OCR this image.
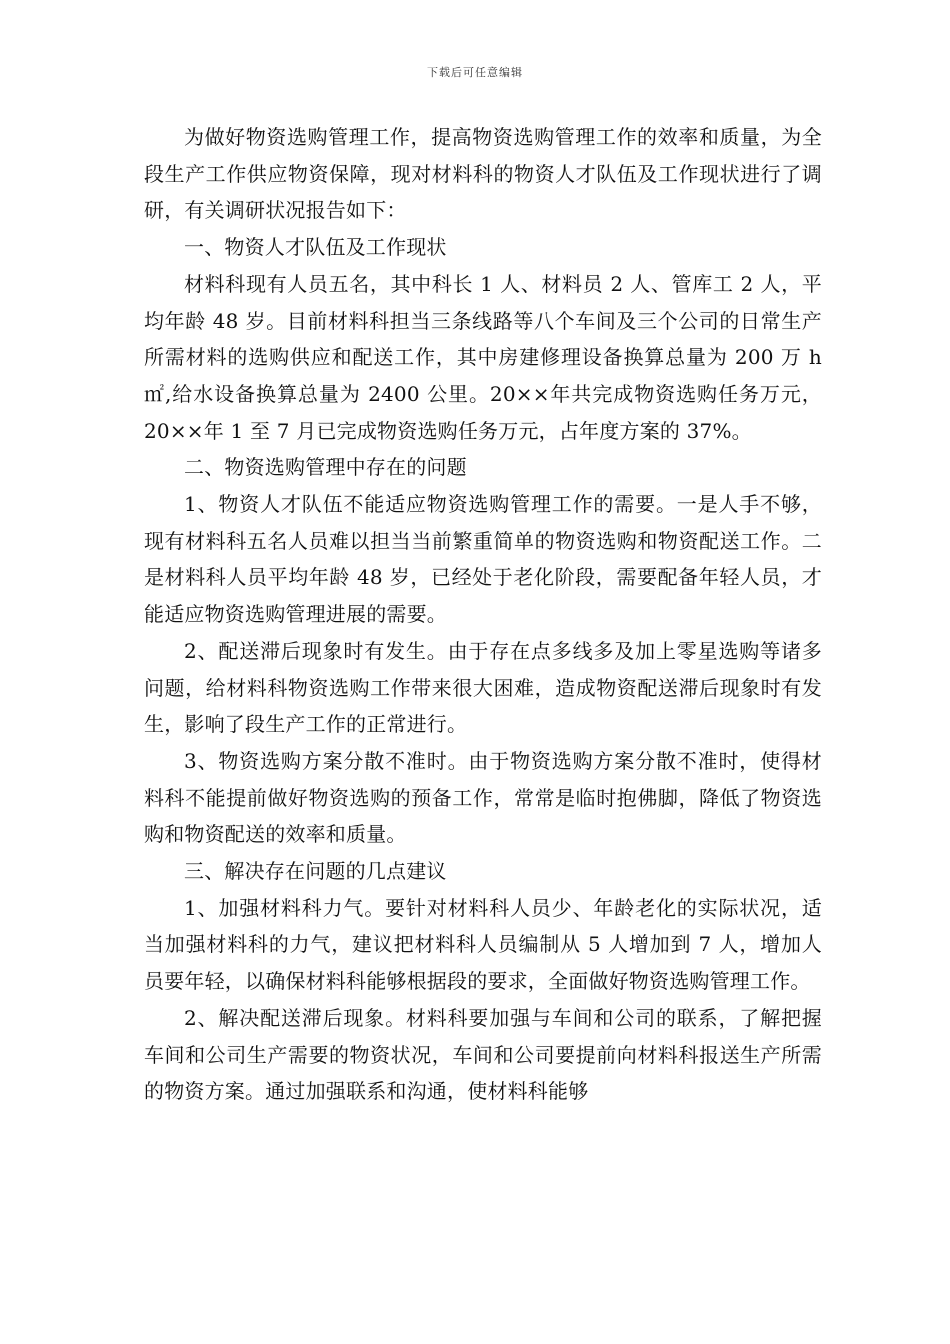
下载后可任意编辑

为做好物资选购管理工作，提高物资选购管理工作的效率和质量，为全段生产工作供应物资保障，现对材料科的物资人才队伍及工作现状进行了调研，有关调研状况报告如下：

一、物资人才队伍及工作现状

材料科现有人员五名，其中科长 1 人、材料员 2 人、管库工 2 人，平均年龄 48 岁。目前材料科担当三条线路等八个车间及三个公司的日常生产所需材料的选购供应和配送工作，其中房建修理设备换算总量为 200 万 h㎡,给水设备换算总量为 2400 公里。20××年共完成物资选购任务万元，20××年 1 至 7 月已完成物资选购任务万元，占年度方案的 37%。

二、物资选购管理中存在的问题

1、物资人才队伍不能适应物资选购管理工作的需要。一是人手不够，现有材料科五名人员难以担当当前繁重简单的物资选购和物资配送工作。二是材料科人员平均年龄 48 岁，已经处于老化阶段，需要配备年轻人员，才能适应物资选购管理进展的需要。

2、配送滞后现象时有发生。由于存在点多线多及加上零星选购等诸多问题，给材料科物资选购工作带来很大困难，造成物资配送滞后现象时有发生，影响了段生产工作的正常进行。

3、物资选购方案分散不准时。由于物资选购方案分散不准时，使得材料科不能提前做好物资选购的预备工作，常常是临时抱佛脚，降低了物资选购和物资配送的效率和质量。

三、解决存在问题的几点建议

1、加强材料科力气。要针对材料科人员少、年龄老化的实际状况，适当加强材料科的力气，建议把材料科人员编制从 5 人增加到 7 人，增加人员要年轻，以确保材料科能够根据段的要求，全面做好物资选购管理工作。

2、解决配送滞后现象。材料科要加强与车间和公司的联系，了解把握车间和公司生产需要的物资状况，车间和公司要提前向材料科报送生产所需的物资方案。通过加强联系和沟通，使材料科能够
